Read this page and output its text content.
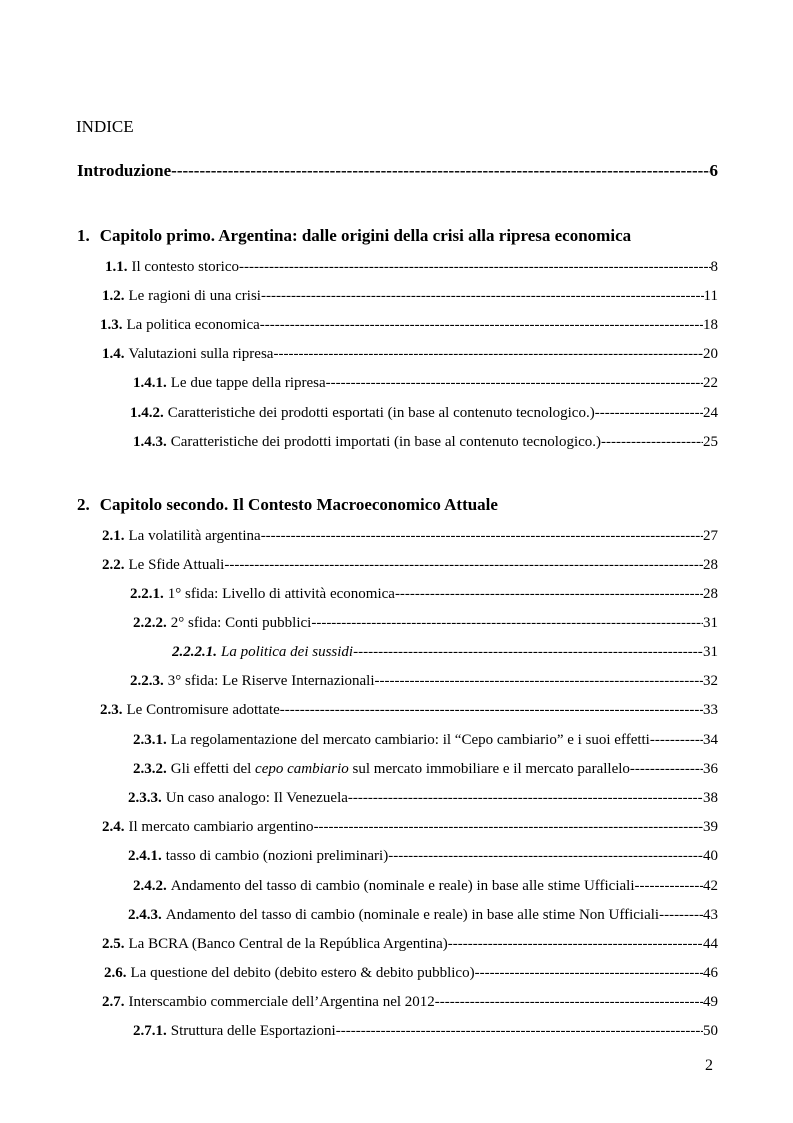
INDICE
Introduzione -----	6
1. Capitolo primo. Argentina: dalle origini della crisi alla ripresa economica
1.1. Il contesto storico -----	8
1.2. Le ragioni di una crisi -----	11
1.3. La politica economica -----	18
1.4. Valutazioni sulla ripresa -----	20
1.4.1. Le due tappe della ripresa -----	22
1.4.2. Caratteristiche dei prodotti esportati (in base al contenuto tecnologico.) -----	24
1.4.3. Caratteristiche dei prodotti importati (in base al contenuto tecnologico.) -----	25
2. Capitolo secondo. Il Contesto Macroeconomico Attuale
2.1. La volatilità argentina -----	27
2.2. Le Sfide Attuali -----	28
2.2.1. 1° sfida: Livello di attività economica -----	28
2.2.2. 2° sfida: Conti pubblici -----	31
2.2.2.1. La politica dei sussidi -----	31
2.2.3. 3° sfida: Le Riserve Internazionali -----	32
2.3. Le Contromisure adottate -----	33
2.3.1. La regolamentazione del mercato cambiario: il “Cepo cambiario” e i suoi effetti -----	34
2.3.2. Gli effetti del
cepo cambiario
sul mercato immobiliare e il mercato parallelo -----	36
2.3.3. Un caso analogo: Il Venezuela -----	38
2.4. Il mercato cambiario argentino -----	39
2.4.1. tasso di cambio (nozioni preliminari) -----	40
2.4.2. Andamento del tasso di cambio (nominale e reale) in base alle stime Ufficiali -----	42
2.4.3. Andamento del tasso di cambio (nominale e reale) in base alle stime Non Ufficiali -----	43
2.5. La BCRA (Banco Central de la República Argentina) -----	44
2.6. La questione del debito (debito estero & debito pubblico) -----	46
2.7. Interscambio commerciale dell’Argentina nel 2012 -----	49
2.7.1. Struttura delle Esportazioni -----	50
2
